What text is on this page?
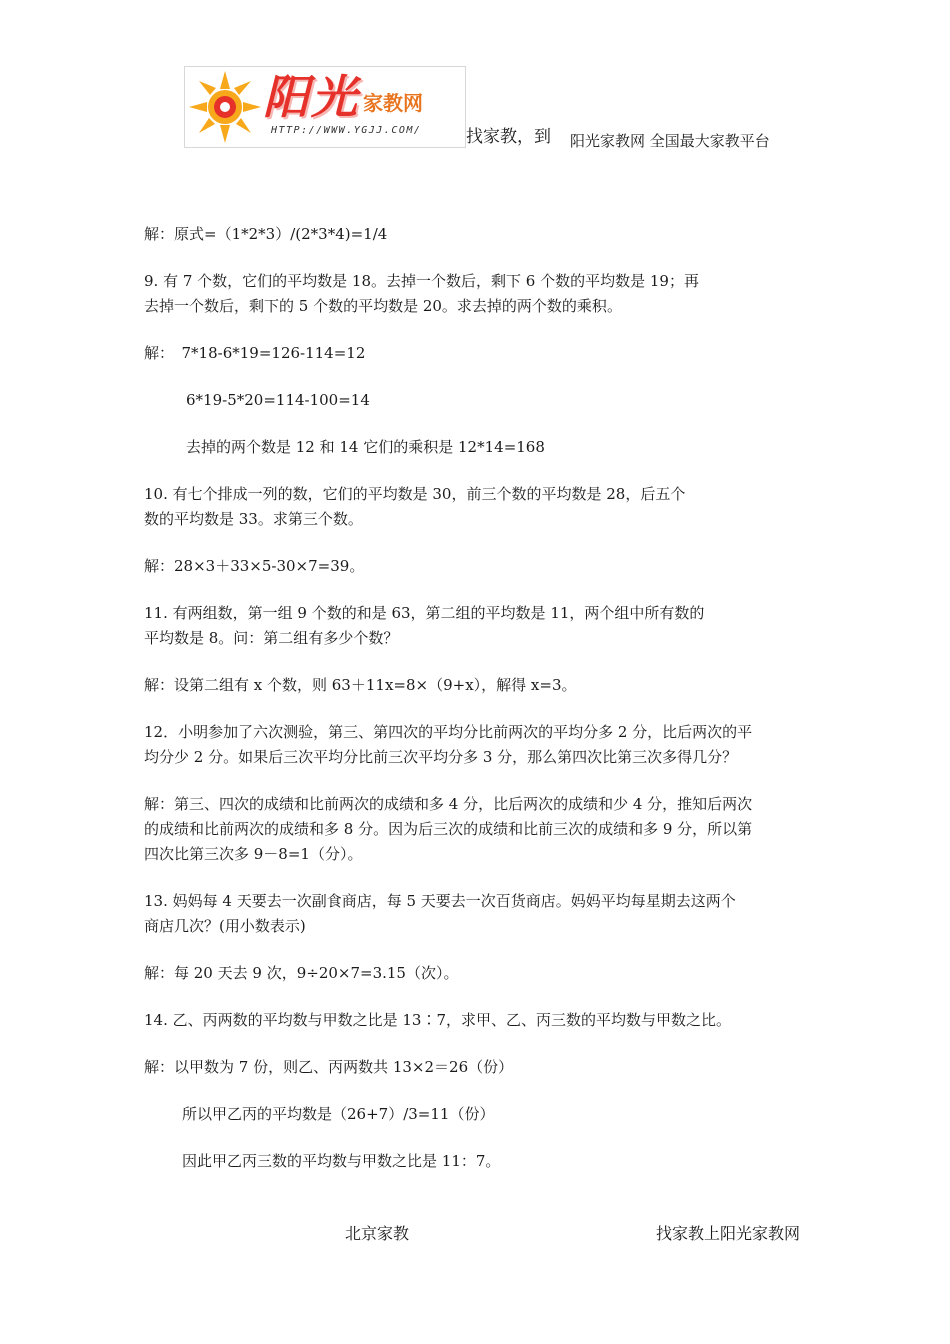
阳光 家教网
HTTP://WWW.YGJJ.COM/	找家教，到 阳光家教网 全国最大家教平台
解：原式=（1*2*3）/(2*3*4)=1/4
9. 有 7 个数，它们的平均数是 18。去掉一个数后，剩下 6 个数的平均数是 19；再
去掉一个数后，剩下的 5 个数的平均数是 20。求去掉的两个数的乘积。
解：　7*18-6*19=126-114=12
6*19-5*20=114-100=14
去掉的两个数是 12 和 14 它们的乘积是 12*14=168
10. 有七个排成一列的数，它们的平均数是 30，前三个数的平均数是 28，后五个
数的平均数是 33。求第三个数。
解：28×3＋33×5-30×7=39。
11. 有两组数，第一组 9 个数的和是 63，第二组的平均数是 11，两个组中所有数的
平均数是 8。问：第二组有多少个数？
解：设第二组有 x 个数，则 63＋11x=8×（9+x），解得 x=3。
12．小明参加了六次测验，第三、第四次的平均分比前两次的平均分多 2 分，比后两次的平
均分少 2 分。如果后三次平均分比前三次平均分多 3 分，那么第四次比第三次多得几分？
解：第三、四次的成绩和比前两次的成绩和多 4 分，比后两次的成绩和少 4 分，推知后两次
的成绩和比前两次的成绩和多 8 分。因为后三次的成绩和比前三次的成绩和多 9 分，所以第
四次比第三次多 9－8=1（分）。
13. 妈妈每 4 天要去一次副食商店，每 5 天要去一次百货商店。妈妈平均每星期去这两个
商店几次？(用小数表示)
解：每 20 天去 9 次，9÷20×7=3.15（次）。
14. 乙、丙两数的平均数与甲数之比是 13∶7，求甲、乙、丙三数的平均数与甲数之比。
解：以甲数为 7 份，则乙、丙两数共 13×2＝26（份）
所以甲乙丙的平均数是（26+7）/3=11（份）
因此甲乙丙三数的平均数与甲数之比是 11：7。
北京家教	找家教上阳光家教网
